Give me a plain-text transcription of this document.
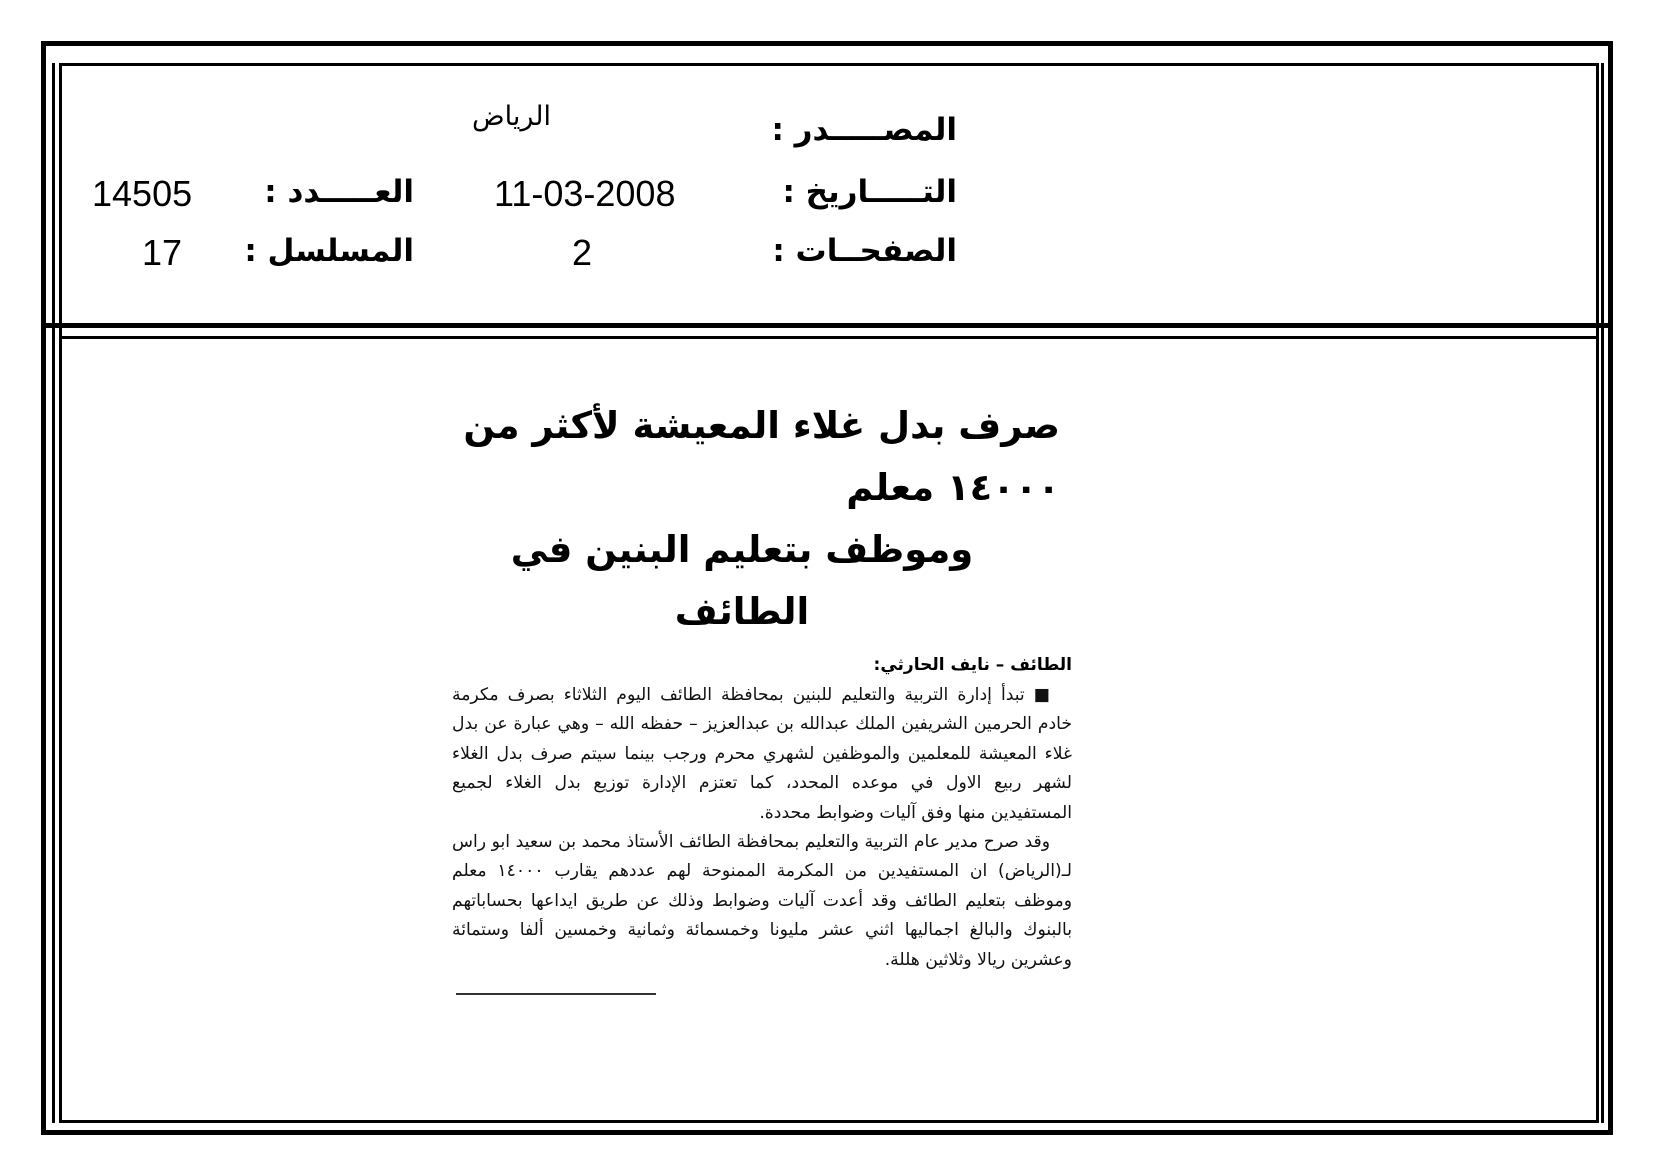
المصـــــدر :
الرياض
التـــــاريخ :
11-03-2008
العـــــدد :
14505
الصفحــات :
2
المسلسل :
17
صرف بدل غلاء المعيشة لأكثر من ١٤٠٠٠ معلم
وموظف بتعليم البنين في الطائف
الطائف – نايف الحارثي:

■ تبدأ إدارة التربية والتعليم للبنين بمحافظة الطائف اليوم الثلاثاء بصرف مكرمة خادم الحرمين الشريفين الملك عبدالله بن عبدالعزيز – حفظه الله – وهي عبارة عن بدل غلاء المعيشة للمعلمين والموظفين لشهري محرم ورجب بينما سيتم صرف بدل الغلاء لشهر ربيع الاول في موعده المحدد، كما تعتزم الإدارة توزيع بدل الغلاء لجميع المستفيدين منها وفق آليات وضوابط محددة.

وقد صرح مدير عام التربية والتعليم بمحافظة الطائف الأستاذ محمد بن سعيد ابو راس لـ(الرياض) ان المستفيدين من المكرمة الممنوحة لهم عددهم يقارب ١٤٠٠٠ معلم وموظف بتعليم الطائف وقد أعدت آليات وضوابط وذلك عن طريق ايداعها بحساباتهم بالبنوك والبالغ اجماليها اثني عشر مليونا وخمسمائة وثمانية وخمسين ألفا وستمائة وعشرين ريالا وثلاثين هللة.
